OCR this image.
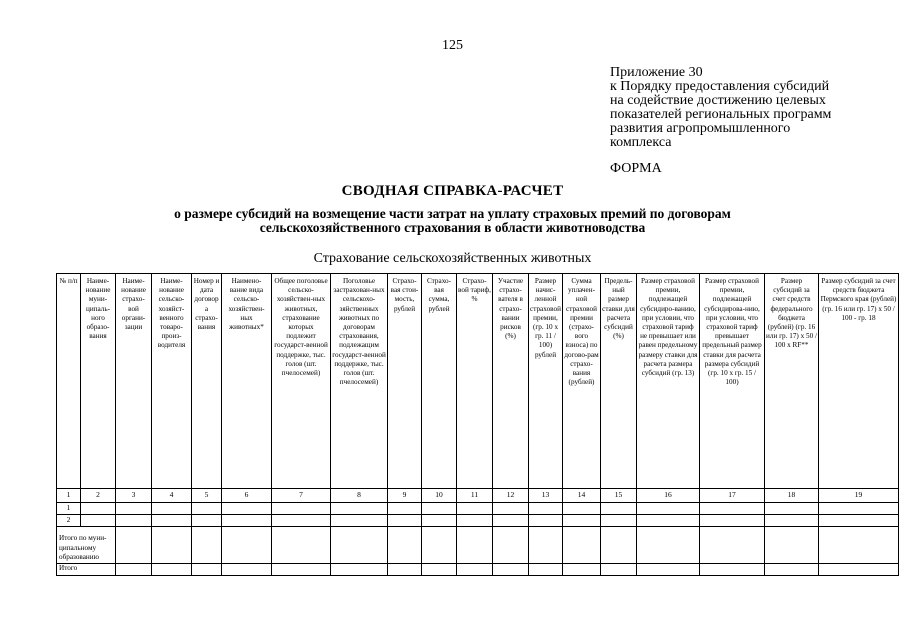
125
Приложение 30
к Порядку предоставления субсидий
на содействие достижению целевых
показателей региональных программ
развития агропромышленного
комплекса
ФОРМА
СВОДНАЯ СПРАВКА-РАСЧЕТ
о размере субсидий на возмещение части затрат на уплату страховых премий по договорам сельскохозяйственного страхования в области животноводства
Страхование сельскохозяйственных животных
№ п/п	Наиме-нование муни-ципаль-ного образо-вания	Наиме-нование страхо-вой органи-зации	Наиме-нование сельско-хозяйст-венного товаро-произ-водителя	Номер и дата договора страхо-вания	Наимено-вание вида сельско-хозяйствен-ных животных*	Общее поголовье сельско-хозяйствен-ных животных, страхование которых подлежит государст-венной поддержке, тыс. голов (шт. пчелосемей)	Поголовье застрахован-ных сельскохо-зяйственных животных по договорам страхования, подлежащим государст-венной поддержке, тыс. голов (шт. пчелосемей)	Страхо-вая стои-мость, рублей	Страхо-вая сумма, рублей	Страхо-вой тариф, %	Участие страхо-вателя в страхо-вании рисков (%)	Размер начис-ленной страховой премии, (гр. 10 х гр. 11 / 100) рублей	Сумма уплачен-ной страховой премии (страхо-вого взноса) по догово-рам страхо-вания (рублей)	Предель-ный размер ставки для расчета субсидий (%)	Размер страховой премии, подлежащей субсидиро-ванию, при условии, что страховой тариф не превышает или равен предельному размеру ставки для расчета размера субсидий (гр. 13)	Размер страховой премии, подлежащей субсидирова-нию, при условии, что страховой тариф превышает предельный размер ставки для расчета размера субсидий (гр. 10 х гр. 15 / 100)	Размер субсидий за счет средств федерального бюджета (рублей) (гр. 16 или гр. 17) х 50 / 100 х RF**	Размер субсидий за счет средств бюджета Пермского края (рублей) (гр. 16 или гр. 17) х 50 / 100 - гр. 18
1	2	3	4	5	6	7	8	9	10	11	12	13	14	15	16	17	18	19
1																		
2																		
Итого по муни-ципальному образованию																		
Итого																		
